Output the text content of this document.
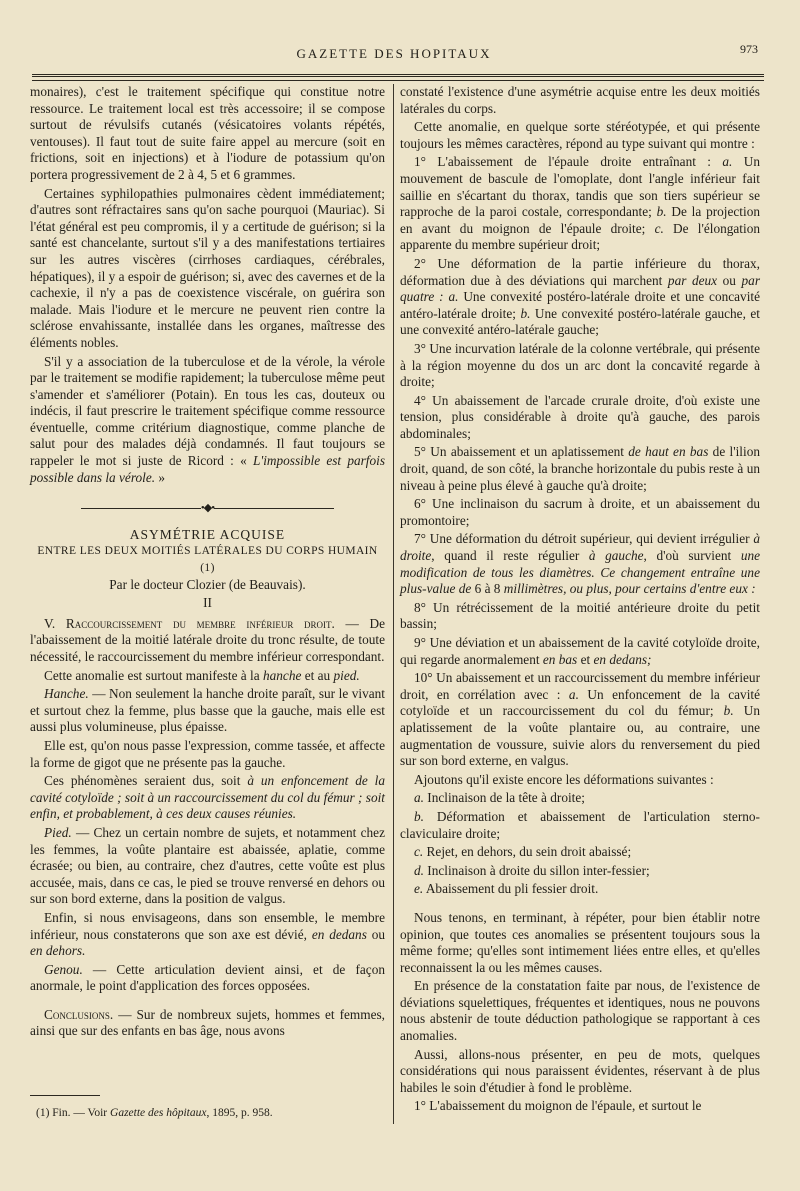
GAZETTE DES HOPITAUX	973

monaires), c'est le traitement spécifique qui constitue notre ressource. Le traitement local est très accessoire; il se compose surtout de révulsifs cutanés (vésicatoires volants répétés, ventouses). Il faut tout de suite faire appel au mercure (soit en frictions, soit en injections) et à l'iodure de potassium qu'on portera progressivement de 2 à 4, 5 et 6 grammes.

Certaines syphilopathies pulmonaires cèdent immédiatement; d'autres sont réfractaires sans qu'on sache pourquoi (Mauriac). Si l'état général est peu compromis, il y a certitude de guérison; si la santé est chancelante, surtout s'il y a des manifestations tertiaires sur les autres viscères (cirrhoses cardiaques, cérébrales, hépatiques), il y a espoir de guérison; si, avec des cavernes et de la cachexie, il n'y a pas de coexistence viscérale, on guérira son malade. Mais l'iodure et le mercure ne peuvent rien contre la sclérose envahissante, installée dans les organes, maîtresse des éléments nobles.

S'il y a association de la tuberculose et de la vérole, la vérole par le traitement se modifie rapidement; la tuberculose même peut s'amender et s'améliorer (Potain). En tous les cas, douteux ou indécis, il faut prescrire le traitement spécifique comme ressource éventuelle, comme critérium diagnostique, comme planche de salut pour des malades déjà condamnés. Il faut toujours se rappeler le mot si juste de Ricord : « L'impossible est parfois possible dans la vérole. »

•◆•
ASYMÉTRIE ACQUISE
ENTRE LES DEUX MOITIÉS LATÉRALES DU CORPS HUMAIN (1)
Par le docteur Clozier (de Beauvais).
II

V. Raccourcissement du membre inférieur droit. — De l'abaissement de la moitié latérale droite du tronc résulte, de toute nécessité, le raccourcissement du membre inférieur correspondant.

Cette anomalie est surtout manifeste à la hanche et au pied.

Hanche. — Non seulement la hanche droite paraît, sur le vivant et surtout chez la femme, plus basse que la gauche, mais elle est aussi plus volumineuse, plus épaisse.

Elle est, qu'on nous passe l'expression, comme tassée, et affecte la forme de gigot que ne présente pas la gauche.

Ces phénomènes seraient dus, soit à un enfoncement de la cavité cotyloïde ; soit à un raccourcissement du col du fémur ; soit enfin, et probablement, à ces deux causes réunies.

Pied. — Chez un certain nombre de sujets, et notamment chez les femmes, la voûte plantaire est abaissée, aplatie, comme écrasée; ou bien, au contraire, chez d'autres, cette voûte est plus accusée, mais, dans ce cas, le pied se trouve renversé en dehors ou sur son bord externe, dans la position de valgus.

Enfin, si nous envisageons, dans son ensemble, le membre inférieur, nous constaterons que son axe est dévié, en dedans ou en dehors.

Genou. — Cette articulation devient ainsi, et de façon anormale, le point d'application des forces opposées.

Conclusions. — Sur de nombreux sujets, hommes et femmes, ainsi que sur des enfants en bas âge, nous avons

(1) Fin. — Voir Gazette des hôpitaux, 1895, p. 958.

constaté l'existence d'une asymétrie acquise entre les deux moitiés latérales du corps.

Cette anomalie, en quelque sorte stéréotypée, et qui présente toujours les mêmes caractères, répond au type suivant qui montre :

1° L'abaissement de l'épaule droite entraînant : a. Un mouvement de bascule de l'omoplate, dont l'angle inférieur fait saillie en s'écartant du thorax, tandis que son tiers supérieur se rapproche de la paroi costale, correspondante; b. De la projection en avant du moignon de l'épaule droite; c. De l'élongation apparente du membre supérieur droit;

2° Une déformation de la partie inférieure du thorax, déformation due à des déviations qui marchent par deux ou par quatre : a. Une convexité postéro-latérale droite et une concavité antéro-latérale droite; b. Une convexité postéro-latérale gauche, et une convexité antéro-latérale gauche;

3° Une incurvation latérale de la colonne vertébrale, qui présente à la région moyenne du dos un arc dont la concavité regarde à droite;

4° Un abaissement de l'arcade crurale droite, d'où existe une tension, plus considérable à droite qu'à gauche, des parois abdominales;

5° Un abaissement et un aplatissement de haut en bas de l'ilion droit, quand, de son côté, la branche horizontale du pubis reste à un niveau à peine plus élevé à gauche qu'à droite;

6° Une inclinaison du sacrum à droite, et un abaissement du promontoire;

7° Une déformation du détroit supérieur, qui devient irrégulier à droite, quand il reste régulier à gauche, d'où survient une modification de tous les diamètres. Ce changement entraîne une plus-value de 6 à 8 millimètres, ou plus, pour certains d'entre eux :

8° Un rétrécissement de la moitié antérieure droite du petit bassin;

9° Une déviation et un abaissement de la cavité cotyloïde droite, qui regarde anormalement en bas et en dedans;

10° Un abaissement et un raccourcissement du membre inférieur droit, en corrélation avec : a. Un enfoncement de la cavité cotyloïde et un raccourcissement du col du fémur; b. Un aplatissement de la voûte plantaire ou, au contraire, une augmentation de voussure, suivie alors du renversement du pied sur son bord externe, en valgus.

Ajoutons qu'il existe encore les déformations suivantes :

a. Inclinaison de la tête à droite;

b. Déformation et abaissement de l'articulation sterno-claviculaire droite;

c. Rejet, en dehors, du sein droit abaissé;

d. Inclinaison à droite du sillon inter-fessier;

e. Abaissement du pli fessier droit.

Nous tenons, en terminant, à répéter, pour bien établir notre opinion, que toutes ces anomalies se présentent toujours sous la même forme; qu'elles sont intimement liées entre elles, et qu'elles reconnaissent la ou les mêmes causes.

En présence de la constatation faite par nous, de l'existence de déviations squelettiques, fréquentes et identiques, nous ne pouvons nous abstenir de toute déduction pathologique se rapportant à ces anomalies.

Aussi, allons-nous présenter, en peu de mots, quelques considérations qui nous paraissent évidentes, réservant à de plus habiles le soin d'étudier à fond le problème.

1° L'abaissement du moignon de l'épaule, et surtout le
